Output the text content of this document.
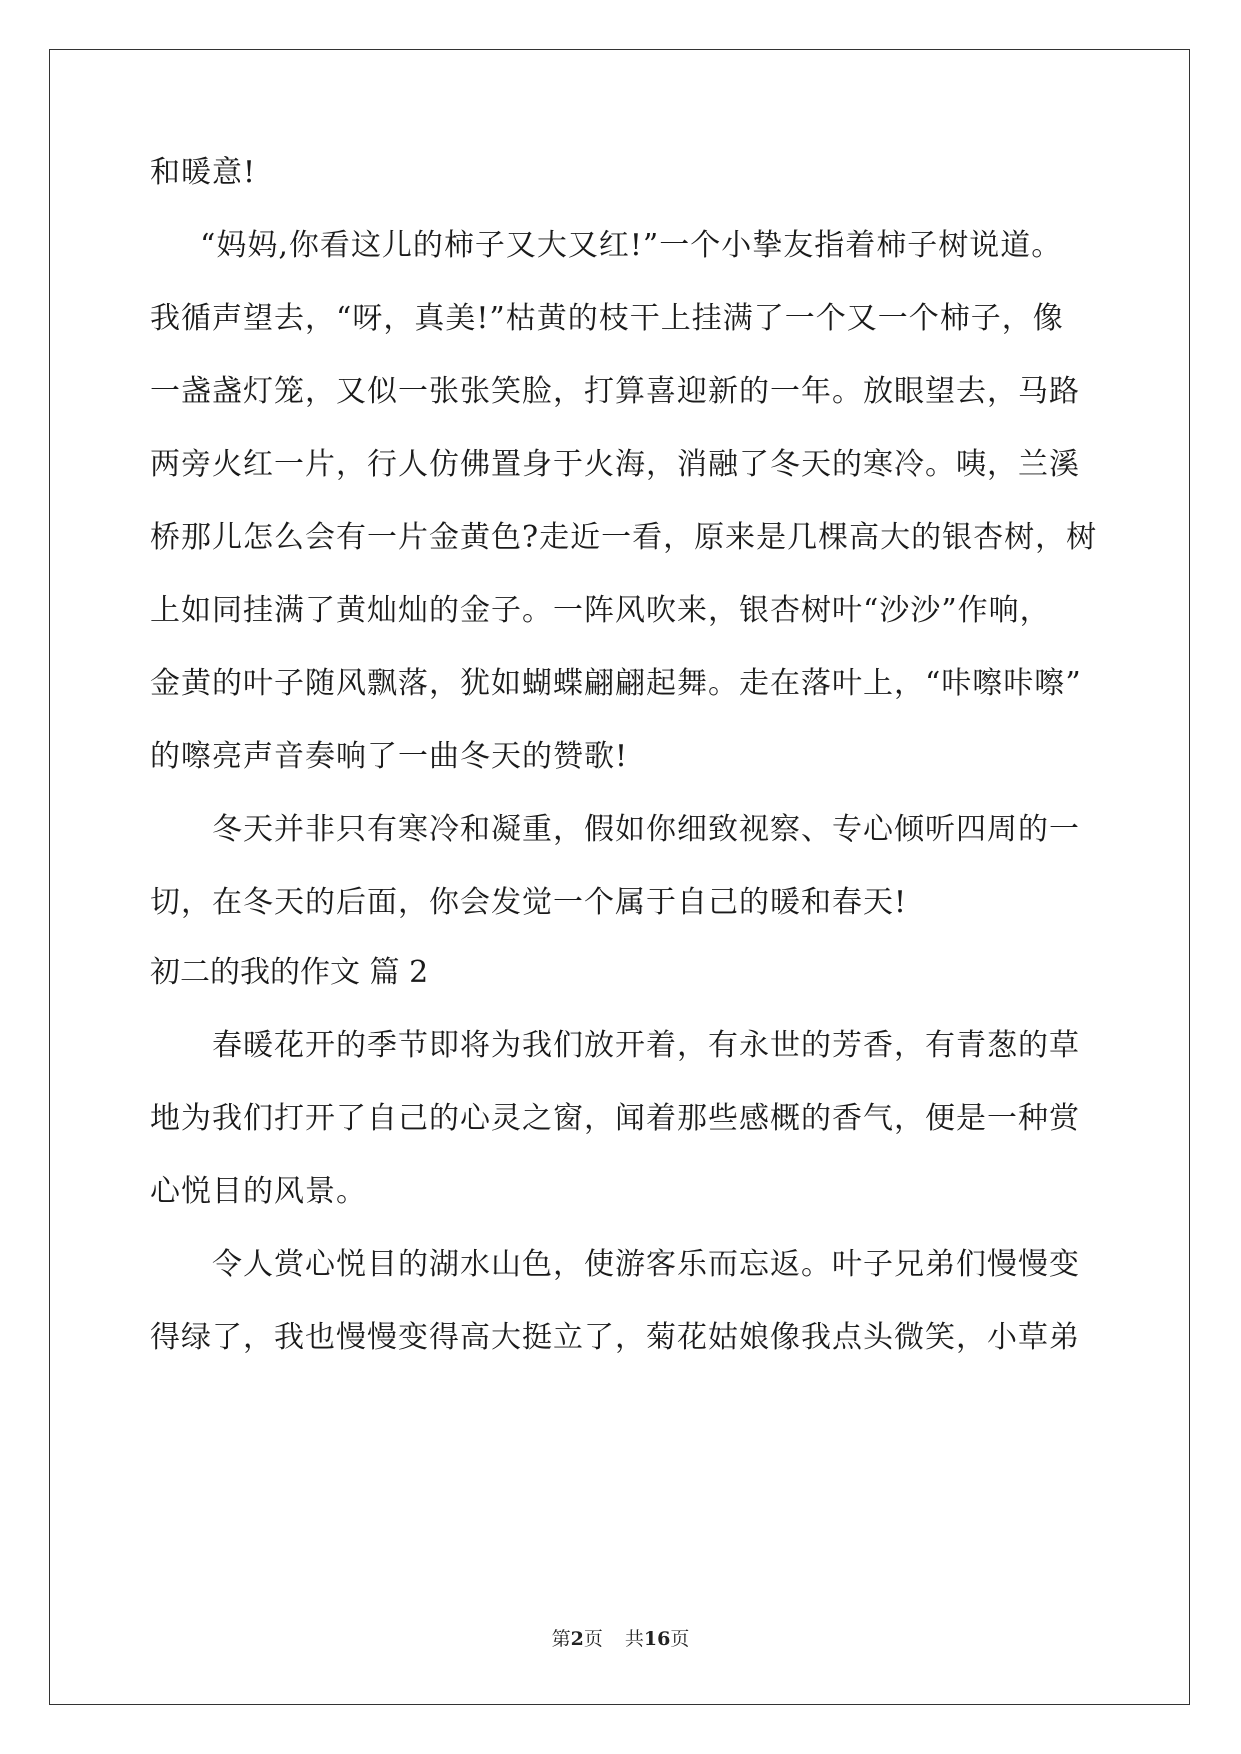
和暖意!
“妈妈,你看这儿的柿子又大又红!”一个小挚友指着柿子树说道。
我循声望去，“呀，真美!”枯黄的枝干上挂满了一个又一个柿子，像
一盏盏灯笼，又似一张张笑脸，打算喜迎新的一年。放眼望去，马路
两旁火红一片，行人仿佛置身于火海，消融了冬天的寒冷。咦，兰溪
桥那儿怎么会有一片金黄色?走近一看，原来是几棵高大的银杏树，树
上如同挂满了黄灿灿的金子。一阵风吹来，银杏树叶“沙沙”作响，
金黄的叶子随风飘落，犹如蝴蝶翩翩起舞。走在落叶上，“咔嚓咔嚓”
的嚓亮声音奏响了一曲冬天的赞歌!
冬天并非只有寒冷和凝重，假如你细致视察、专心倾听四周的一
切，在冬天的后面，你会发觉一个属于自己的暖和春天!
初二的我的作文 篇 2
春暖花开的季节即将为我们放开着，有永世的芳香，有青葱的草
地为我们打开了自己的心灵之窗，闻着那些感概的香气，便是一种赏
心悦目的风景。
令人赏心悦目的湖水山色，使游客乐而忘返。叶子兄弟们慢慢变
得绿了，我也慢慢变得高大挺立了，菊花姑娘像我点头微笑，小草弟
第2页 共16页
